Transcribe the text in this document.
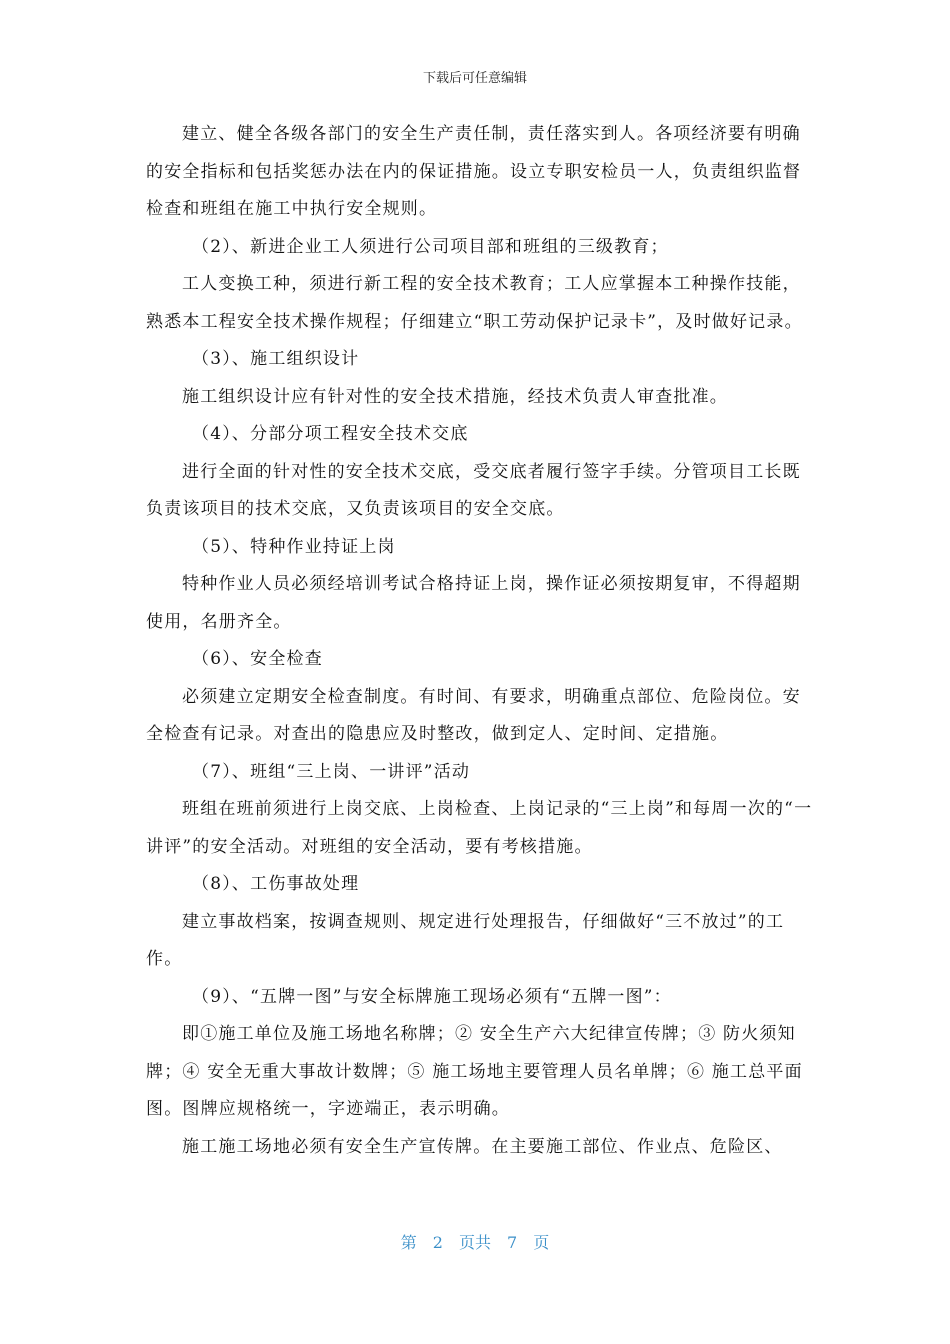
下载后可任意编辑

建立、健全各级各部门的安全生产责任制，责任落实到人。各项经济要有明确的安全指标和包括奖惩办法在内的保证措施。设立专职安检员一人，负责组织监督检查和班组在施工中执行安全规则。

（2）、新进企业工人须进行公司项目部和班组的三级教育；

工人变换工种，须进行新工程的安全技术教育；工人应掌握本工种操作技能，熟悉本工程安全技术操作规程；仔细建立“职工劳动保护记录卡”，及时做好记录。

（3）、施工组织设计

施工组织设计应有针对性的安全技术措施，经技术负责人审查批准。

（4）、分部分项工程安全技术交底

进行全面的针对性的安全技术交底，受交底者履行签字手续。分管项目工长既负责该项目的技术交底，又负责该项目的安全交底。

（5）、特种作业持证上岗

特种作业人员必须经培训考试合格持证上岗，操作证必须按期复审，不得超期使用，名册齐全。

（6）、安全检查

必须建立定期安全检查制度。有时间、有要求，明确重点部位、危险岗位。安全检查有记录。对查出的隐患应及时整改，做到定人、定时间、定措施。

（7）、班组“三上岗、一讲评”活动

班组在班前须进行上岗交底、上岗检查、上岗记录的“三上岗”和每周一次的“一讲评”的安全活动。对班组的安全活动，要有考核措施。

（8）、工伤事故处理

建立事故档案，按调查规则、规定进行处理报告，仔细做好“三不放过”的工作。

（9）、“五牌一图”与安全标牌施工现场必须有“五牌一图”：

即①施工单位及施工场地名称牌；② 安全生产六大纪律宣传牌；③ 防火须知牌；④ 安全无重大事故计数牌；⑤ 施工场地主要管理人员名单牌；⑥ 施工总平面图。图牌应规格统一，字迹端正，表示明确。

施工施工场地必须有安全生产宣传牌。在主要施工部位、作业点、危险区、

第 2 页共 7 页
